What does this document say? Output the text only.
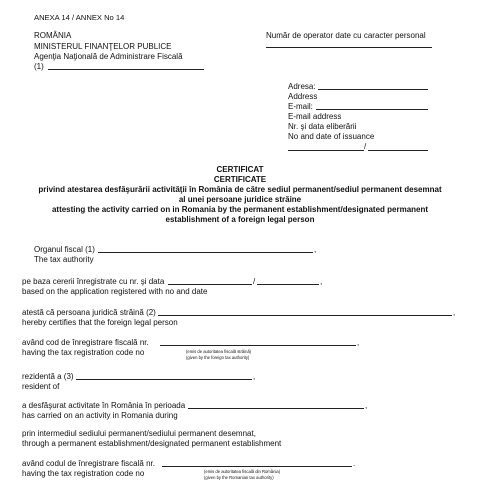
ANEXA 14 / ANNEX No 14
Număr de operator date cu caracter personal
ROMÂNIA
MINISTERUL FINANŢELOR PUBLICE
Agenţia Naţională de Administrare Fiscală
(1)
Adresa:
Address
E-mail:
E-mail address
Nr. şi data eliberării
No and date of issuance
/
CERTIFICAT
CERTIFICATE
privind atestarea desfăşurării activităţii în România de către sediul permanent/sediul permanent desemnat
al unei persoane juridice străine
attesting the activity carried on in Romania by the permanent establishment/designated permanent
establishment of a foreign legal person
Organul fiscal (1)	,
The tax authority
pe baza cererii înregistrate cu nr. şi data	/	,
based on the application registered with no and date
atestă că persoana juridică străină (2)	,
hereby certifies that the foreign legal person
având cod de înregistrare fiscală nr.	,
having the tax registration code no	(emis de autoritatea fiscală străină)
(given by the foreign tax authority)
rezidentă a (3)	,
resident of
a desfăşurat activitate în România în perioada	,
has carried on an activity in Romania during
prin intermediul sediului permanent/sediului permanent desemnat,
through a permanent establishment/designated permanent establishment
având codul de înregistrare fiscală nr.	.
having the tax registration code no	(emis de autoritatea fiscală din România)
(given by the Romanian tax authority)
